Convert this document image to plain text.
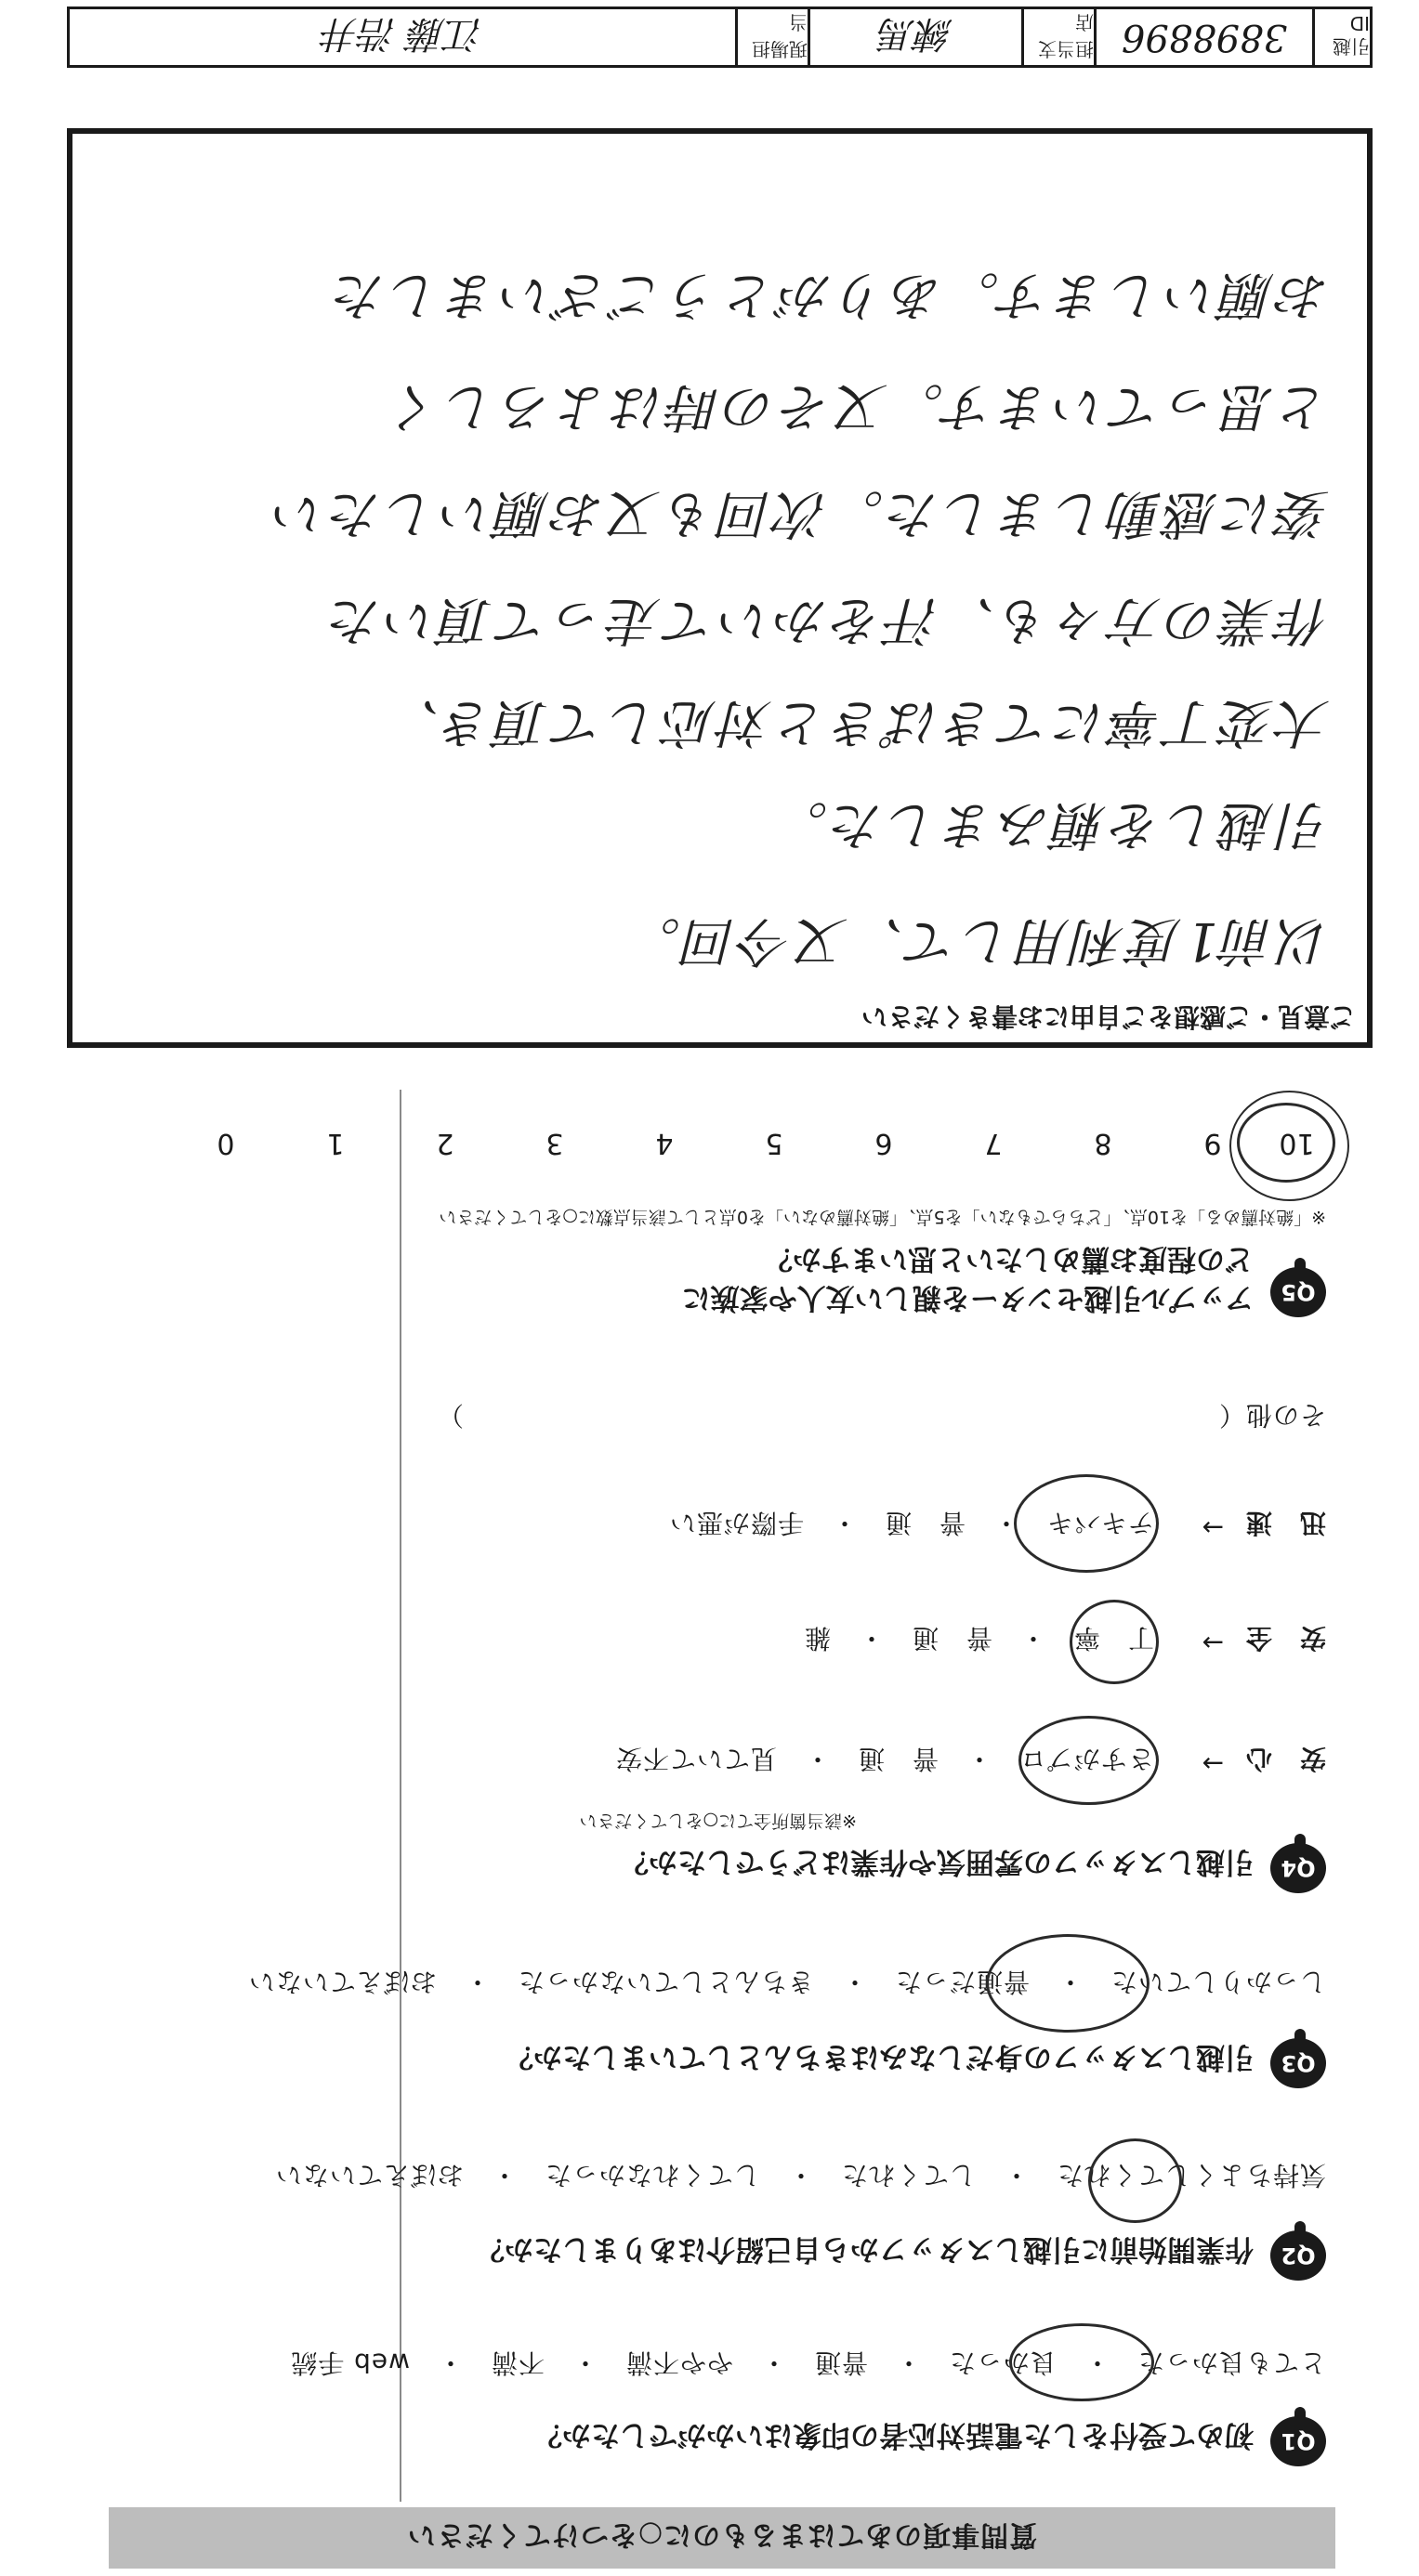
質問事項のあてはまるものに○をつけてください
Q1
初めて受付をした電話対応者の印象はいかがでしたか？
とても良かった　・　良かった　・　普通　・　やや不満　・　不満　・　web 手続
Q2
作業開始前に引越しスタッフから自己紹介はありましたか？
気持ちよくしてくれた　・　してくれた　・　してくれなかった　・　おぼえていない
Q3
引越しスタッフの身だしなみはきちんとしていましたか？
しっかりしていた　・　普通だった　・　きちんとしていなかった　・　おぼえていない
Q4
引越しスタッフの雰囲気や作業はどうでしたか？
※該当箇所全てに○をしてください
安　心
→
さすがプロ　・　普　通　・　見ていて不安
安　全
→
丁　寧　・　普　通　・　雑
迅　速
→
テキパキ　・　普　通　・　手際が悪い
その他（　　　　　　　　　　　　　　　　　　　　　　　　　　　　）
Q5
アップル引越センターを親しい友人や家族に
どの程度お薦めしたいと思いますか？
※「絶対薦める」を10点、「どちらでもない」を5点、「絶対薦めない」を0点として該当点数に○をしてください
10
9
8
7
6
5
4
3
2
1
0
ご意見・ご感想をご自由にお書きください
以前1度利用して、又今回。
引越しを頼みました。
大変丁寧にてきぱきと対応して頂き、
作業の方々も、汗をかいて走って頂いた
姿に感動しました。次回も又お願いしたい
と思っています。又その時はよろしく
お願いします。ありがとうございました
引越ID
3898896
担当支店
練馬
現場担当
江藤 浩井
